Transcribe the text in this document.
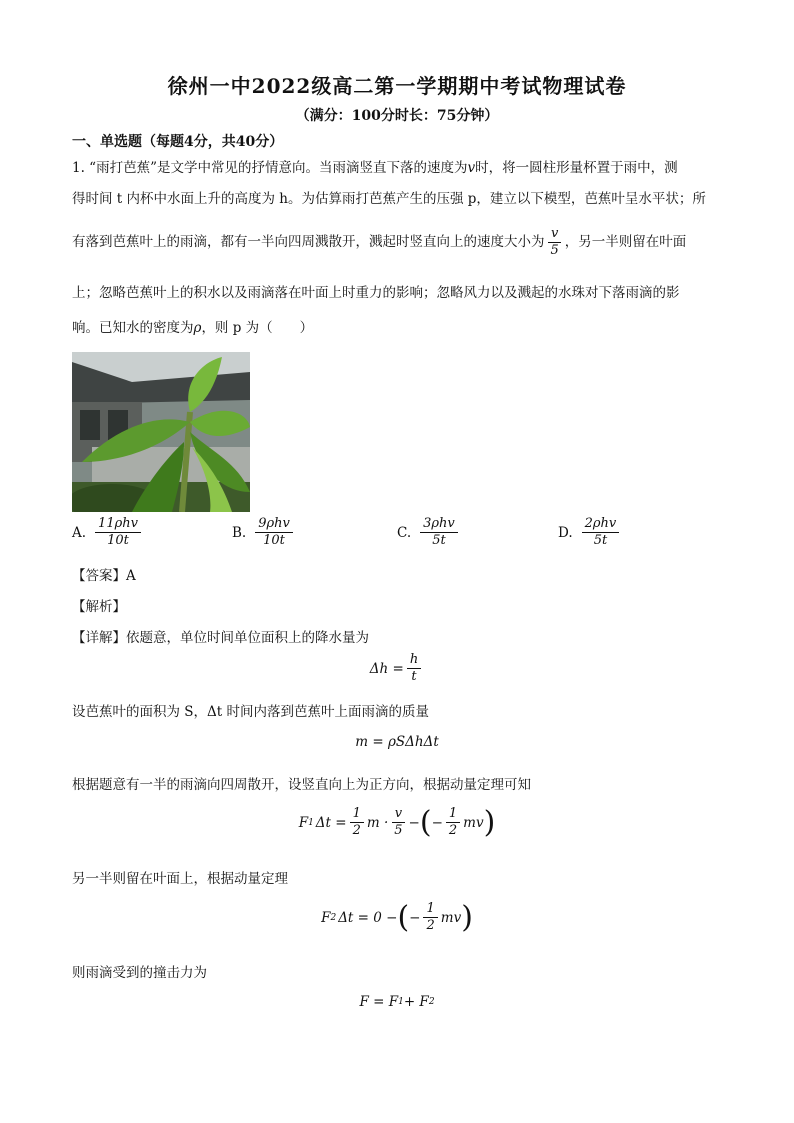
徐州一中2022级高二第一学期期中考试物理试卷
（满分：100分时长：75分钟）
一、单选题（每题4分，共40分）
1. “雨打芭蕉”是文学中常见的抒情意向。当雨滴竖直下落的速度为v时，将一圆柱形量杯置于雨中，测
得时间 t 内杯中水面上升的高度为 h。为估算雨打芭蕉产生的压强 p，建立以下模型，芭蕉叶呈水平状；所
有落到芭蕉叶上的雨滴，都有一半向四周溅散开，溅起时竖直向上的速度大小为 $\frac{v}{5}$ ，另一半则留在叶面
上；忽略芭蕉叶上的积水以及雨滴落在叶面上时重力的影响；忽略风力以及溅起的水珠对下落雨滴的影
响。已知水的密度为ρ，则 p 为（　　）
A. $\frac{\text{11ρhv}}{10t}$	B. $\frac{\text{9ρhv}}{10t}$	C. $\frac{\text{3ρhv}}{5t}$	D. $\frac{\text{2ρhv}}{5t}$
【答案】A
【解析】
【详解】依题意，单位时间单位面积上的降水量为
$\Delta h = \frac{h}{t}$
设芭蕉叶的面积为 S，Δt 时间内落到芭蕉叶上面雨滴的质量
m = ρSΔhΔt
根据题意有一半的雨滴向四周散开，设竖直向上为正方向，根据动量定理可知
F 1 $\Delta t = \frac{1}{2}$ $m \cdot \frac{v}{5}$ − ( − $\frac{1}{2}$ mv )
另一半则留在叶面上，根据动量定理
F 2 Δt = 0 − ( − $\frac{1}{2}$ mv )
则雨滴受到的撞击力为
F = F 1 + F 2
